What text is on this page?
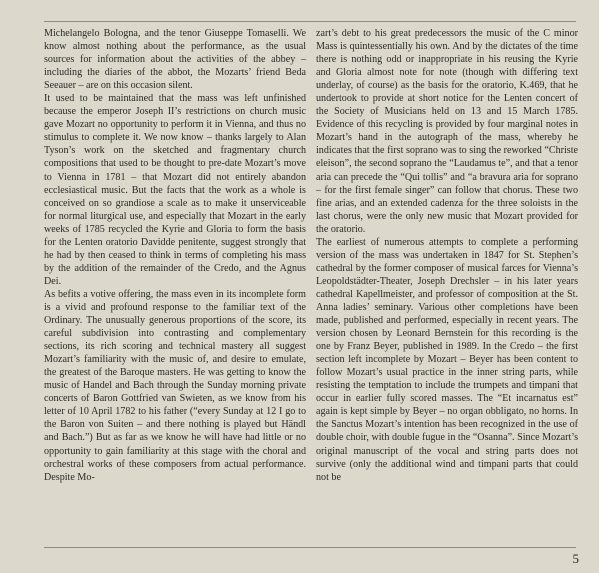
Michelangelo Bologna, and the tenor Giuseppe Tomaselli. We know almost nothing about the performance, as the usual sources for information about the activities of the abbey – including the diaries of the abbot, the Mozarts’ friend Beda Seeauer – are on this occasion silent.

It used to be maintained that the mass was left unfinished because the emperor Joseph II’s restrictions on church music gave Mozart no opportunity to perform it in Vienna, and thus no stimulus to complete it. We now know – thanks largely to Alan Tyson’s work on the sketched and fragmentary church compositions that used to be thought to pre-date Mozart’s move to Vienna in 1781 – that Mozart did not entirely abandon ecclesiastical music. But the facts that the work as a whole is conceived on so grandiose a scale as to make it unserviceable for normal liturgical use, and especially that Mozart in the early weeks of 1785 recycled the Kyrie and Gloria to form the basis for the Lenten oratorio Davidde penitente, suggest strongly that he had by then ceased to think in terms of completing his mass by the addition of the remainder of the Credo, and the Agnus Dei.

As befits a votive offering, the mass even in its incomplete form is a vivid and profound response to the familiar text of the Ordinary. The unusually generous proportions of the score, its careful subdivision into contrasting and complementary sections, its rich scoring and technical mastery all suggest Mozart’s familiarity with the music of, and desire to emulate, the greatest of the Baroque masters. He was getting to know the music of Handel and Bach through the Sunday morning private concerts of Baron Gottfried van Swieten, as we know from his letter of 10 April 1782 to his father (“every Sunday at 12 I go to the Baron von Suiten – and there nothing is played but Händl and Bach.”) But as far as we know he will have had little or no opportunity to gain familiarity at this stage with the choral and orchestral works of these composers from actual performance. Despite Mo-

zart’s debt to his great predecessors the music of the C minor Mass is quintessentially his own. And by the dictates of the time there is nothing odd or inappropriate in his reusing the Kyrie and Gloria almost note for note (though with differing text underlay, of course) as the basis for the oratorio, K.469, that he undertook to provide at short notice for the Lenten concert of the Society of Musicians held on 13 and 15 March 1785. Evidence of this recycling is provided by four marginal notes in Mozart’s hand in the autograph of the mass, whereby he indicates that the first soprano was to sing the reworked “Christe eleison”, the second soprano the “Laudamus te”, and that a tenor aria can precede the “Qui tollis” and “a bravura aria for soprano – for the first female singer” can follow that chorus. These two fine arias, and an extended cadenza for the three soloists in the last chorus, were the only new music that Mozart provided for the oratorio.

The earliest of numerous attempts to complete a performing version of the mass was undertaken in 1847 for St. Stephen’s cathedral by the former composer of musical farces for Vienna’s Leopoldstädter-Theater, Joseph Drechsler – in his later years cathedral Kapellmeister, and professor of composition at the St. Anna ladies’ seminary. Various other completions have been made, published and performed, especially in recent years. The version chosen by Leonard Bernstein for this recording is the one by Franz Beyer, published in 1989. In the Credo – the first section left incomplete by Mozart – Beyer has been content to follow Mozart’s usual practice in the inner string parts, while resisting the temptation to include the trumpets and timpani that occur in earlier fully scored masses. The “Et incarnatus est” again is kept simple by Beyer – no organ obbligato, no horns. In the Sanctus Mozart’s intention has been recognized in the use of double choir, with double fugue in the “Osanna”. Since Mozart’s original manuscript of the vocal and string parts does not survive (only the additional wind and timpani parts that could not be

5
